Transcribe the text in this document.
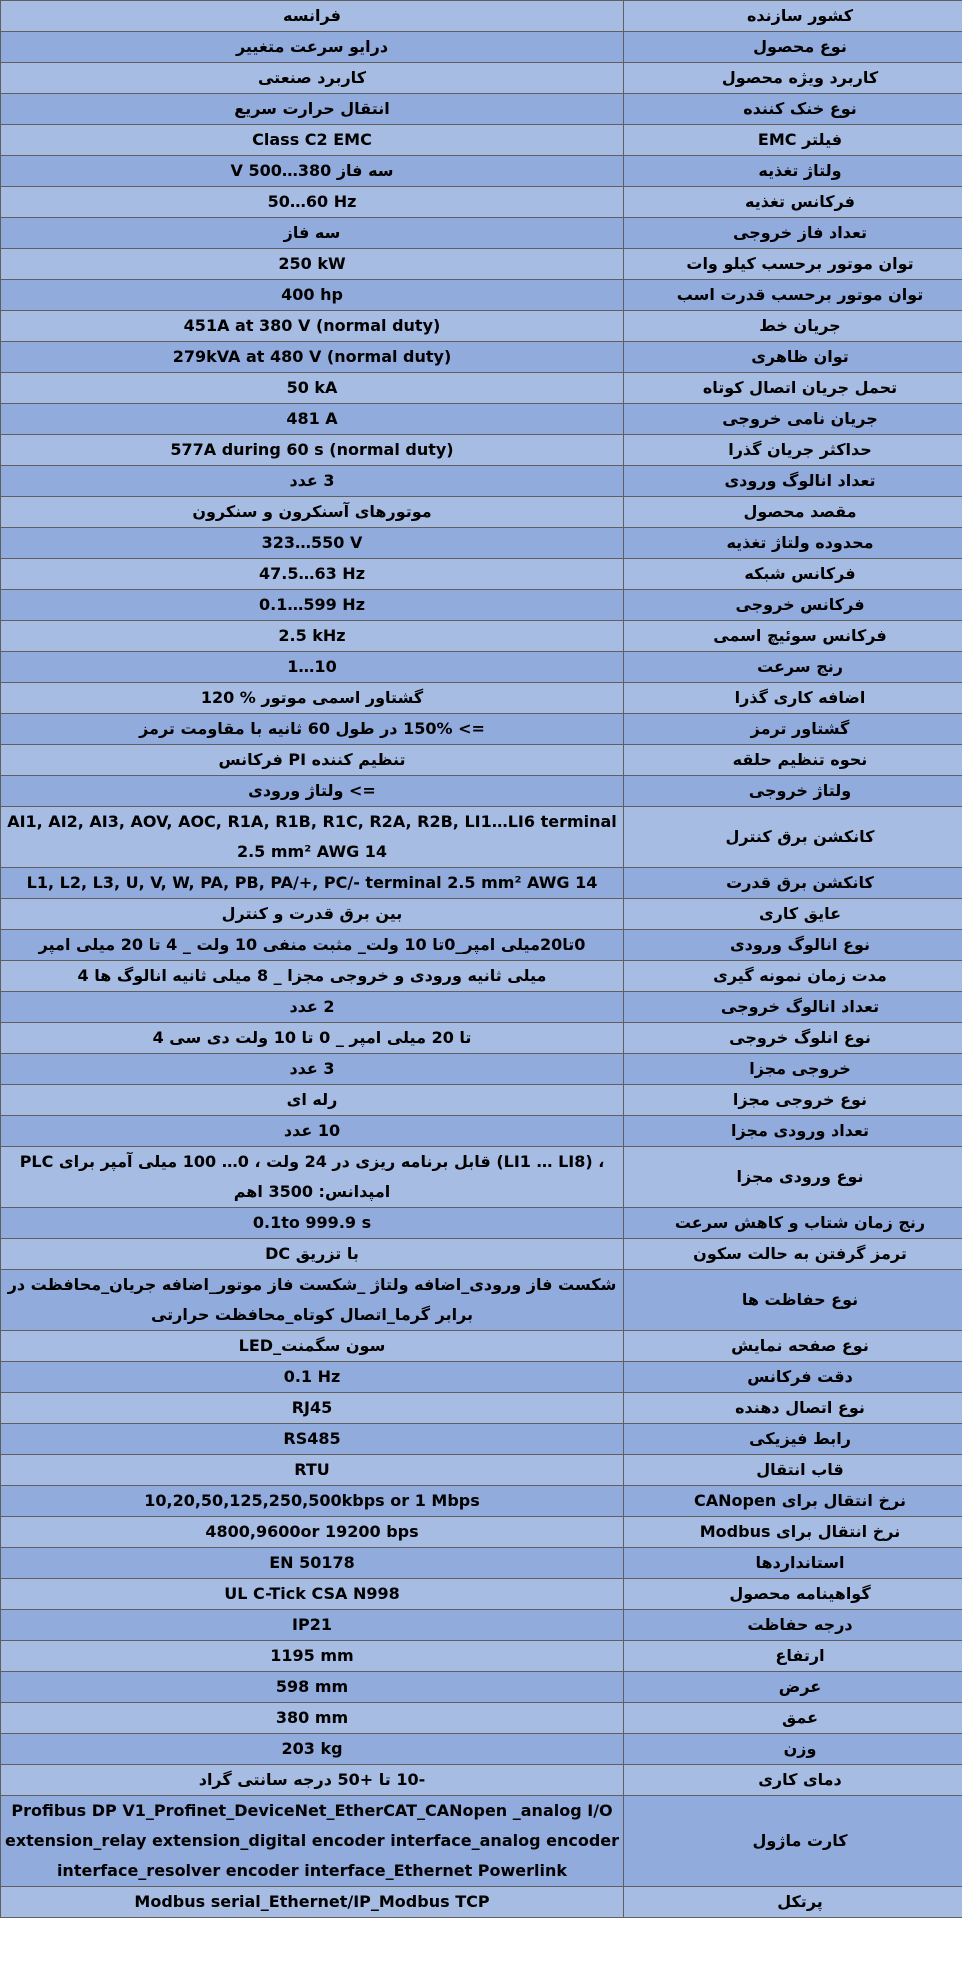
فرانسه	کشور سازنده
درایو سرعت متغییر	نوع محصول
کاربرد صنعتی	کاربرد ویژه محصول
انتقال حرارت سریع	نوع خنک کننده
Class C2 EMC	فیلتر EMC
سه فاز 380…500 V	ولتاژ تغذیه
50…60 Hz	فرکانس تغذیه
سه فاز	تعداد فاز خروجی
250 kW	توان موتور برحسب کیلو وات
400 hp	توان موتور برحسب قدرت اسب
451A at 380 V (normal duty)	جریان خط
279kVA at 480 V (normal duty)	توان ظاهری
50 kA	تحمل جریان اتصال کوتاه
481 A	جریان نامی خروجی
577A during 60 s (normal duty)	حداکثر جریان گذرا
3 عدد	تعداد انالوگ ورودی
موتورهای آسنکرون و سنکرون	مقصد محصول
323…550 V	محدوده ولتاژ تغذیه
47.5…63 Hz	فرکانس شبکه
0.1…599 Hz	فرکانس خروجی
2.5 kHz	فرکانس سوئیچ اسمی
1…10	رنج سرعت
گشتاور اسمی موتور % 120	اضافه کاری گذرا
=> 150% در طول 60 ثانیه با مقاومت ترمز	گشتاور ترمز
تنظیم کننده PI فرکانس	نحوه تنظیم حلقه
=> ولتاژ ورودی	ولتاژ خروجی
AI1, AI2, AI3, AOV, AOC, R1A, R1B, R1C, R2A, R2B, LI1…LI6 terminal 2.5 mm² AWG 14	کانکشن برق کنترل
L1, L2, L3, U, V, W, PA, PB, PA/+, PC/- terminal 2.5 mm² AWG 14	کانکشن برق قدرت
بین برق قدرت و کنترل	عایق کاری
0تا20میلی امپر_0تا 10 ولت_ مثبت منفی 10 ولت _ 4 تا 20 میلی امپر	نوع انالوگ ورودی
میلی ثانیه ورودی و خروجی مجزا _ 8 میلی ثانیه انالوگ ها 4	مدت زمان نمونه گیری
2 عدد	تعداد انالوگ خروجی
تا 20 میلی امپر _ 0 تا 10 ولت دی سی 4	نوع انلوگ خروجی
3 عدد	خروجی مجزا
رله ای	نوع خروجی مجزا
10 عدد	تعداد ورودی مجزا
PLC قابل برنامه ریزی در 24 ولت ، 0… 100 میلی آمپر برای (LI1 … LI8) ، امپدانس: 3500 اهم	نوع ورودی مجزا
0.1to 999.9 s	رنج زمان شتاب و کاهش سرعت
با تزریق DC	ترمز گرفتن به حالت سکون
شکست فاز ورودی_اضافه ولتاژ _شکست فاز موتور_اضافه جریان_محافظت در برابر گرما_اتصال کوتاه_محافظت حرارتی	نوع حفاظت ها
سون سگمنت_LED	نوع صفحه نمایش
0.1 Hz	دقت فرکانس
RJ45	نوع اتصال دهنده
RS485	رابط فیزیکی
RTU	قاب انتقال
10,20,50,125,250,500kbps or 1 Mbps	نرخ انتقال برای CANopen
4800,9600or 19200 bps	نرخ انتقال برای Modbus
EN 50178	استانداردها
UL C-Tick CSA N998	گواهینامه محصول
IP21	درجه حفاظت
1195 mm	ارتفاع
598 mm	عرض
380 mm	عمق
203 kg	وزن
-10 تا +50 درجه سانتی گراد	دمای کاری
Profibus DP V1_Profinet_DeviceNet_EtherCAT_CANopen _analog I/O extension_relay extension_digital encoder interface_analog encoder interface_resolver encoder interface_Ethernet Powerlink	کارت ماژول
Modbus serial_Ethernet/IP_Modbus TCP	پرتکل
